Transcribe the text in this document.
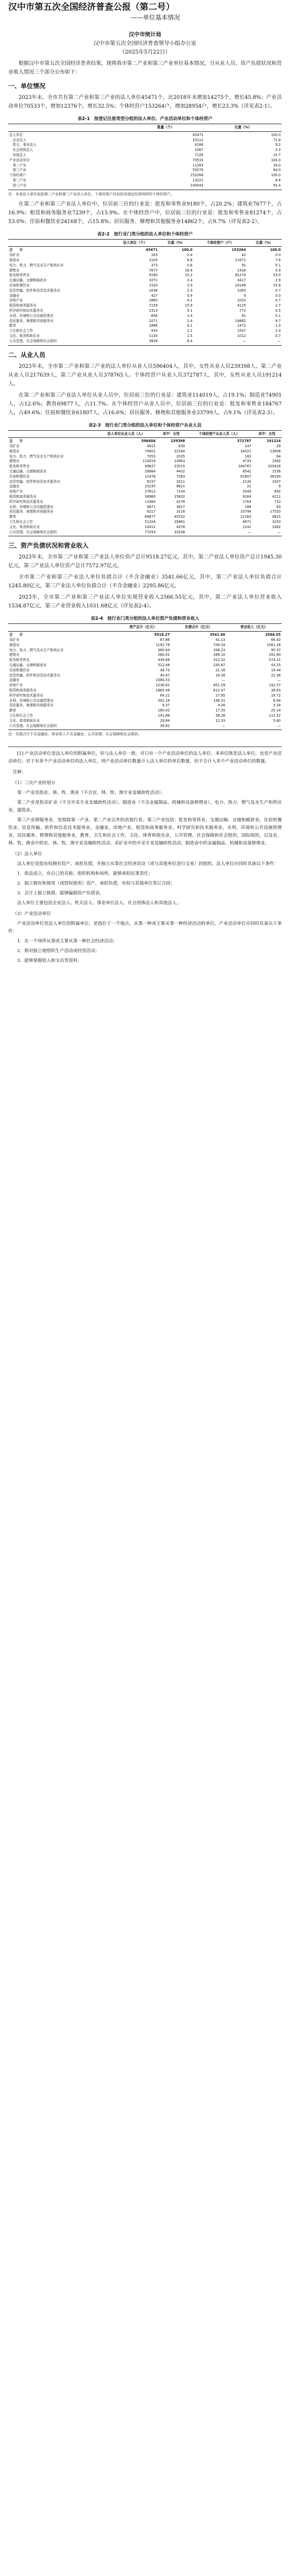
汉中市第五次全国经济普查公报（第二号）
——单位基本情况
汉中市统计局
汉中市第五次全国经济普查领导小组办公室
（2025年5月22日）

根据汉中市第五次全国经济普查结果，现将我市第二产业和第三产业单位基本情况，分从业人员、资产负债状况和营业收入情况三个部分公布如下：

一、单位情况

2023年末，全市共有第二产业和第三产业的法人单位45471个，比2018年末增加14275个，增长45.8%；产业活动单位70533个，增加12376个，增长32.5%；个体经营户153264户，增加28954户，增长23.3%（详见表2-1）。

表2-1　按登记注册类型分组的法人单位、产业活动单位和个体经营户
	数量（个）	比重（%）
法人单位	45471	100.0
　企业法人	33112	72.8
　机关、事业法人	4166	9.2
　社会团体法人	1067	2.3
　其他法人	7126	15.7
产业活动单位	70533	100.0
　第二产业	11263	16.0
　第三产业	59270	84.0
个体经营户	153264	100.0
　第二产业	13221	8.6
　第三产业	140043	91.4
注：本表法人单位包括第二产业和第三产业法人单位，个体经营户仅包括有固定经营场所的个体经营户。

在第二产业和第三产业法人单位中，位居前三位的行业是：批发和零售业9180个，占20.2%；建筑业7677个，占16.9%；租赁和商务服务业7239个，占15.9%。在个体经营户中，位居前三位的行业是：批发和零售业81274个，占53.0%；住宿和餐饮业24168个，占15.8%；居民服务、修理和其他服务业14862个，占9.7%（详见表2-2）。

表2-2　按行业门类分组的法人单位和个体经营户
	法人单位（个）	比重（%）	个体经营户（户）	比重（%）
合　　计	45471	100.0	153264	100.0
采矿业	163	0.4	42	0.0
制造业	3103	6.8	11672	7.6
电力、热力、燃气及水生产和供应业	373	0.8	91	0.1
建筑业	7677	16.9	1416	0.9
批发和零售业	9180	20.2	81274	53.0
交通运输、仓储和邮政业	1072	2.4	4417	2.9
住宿和餐饮业	1520	3.3	24168	15.8
信息传输、软件和信息技术服务业	1038	2.3	1083	0.7
金融业	427	0.9	9	0.0
房地产业	1860	4.1	1023	0.7
租赁和商务服务业	7239	15.9	4125	2.7
科学研究和技术服务业	2313	5.1	772	0.5
水利、环境和公共设施管理业	656	1.4	81	0.1
居民服务、修理和其他服务业	1071	2.4	14862	9.7
教育	1868	4.1	1472	1.0
卫生和社会工作	934	2.1	1547	1.0
文化、体育和娱乐业	1130	2.5	1012	0.7
公共管理、社会保障和社会组织	3828	8.4	—	—
二、从业人员

2023年末，全市第二产业和第三产业的法人单位从业人员596404人，其中，女性从业人员239398人。第二产业从业人员217639人，第三产业从业人员378765人。个体经营户从业人员372787人，其中，女性从业人员191214人。

在第二产业和第三产业法人单位从业人员中，位居前三位的行业是：建筑业114019人，占19.1%；制造业74901人，占12.6%；教育69877人，占11.7%。在个体经营户从业人员中，位居前三位的行业是：批发和零售业184767人，占49.6%；住宿和餐饮业61807人，占16.6%；居民服务、修理和其他服务业33799人，占9.1%（详见表2-3）。

表2-3　按行业门类分组的法人单位和个体经营户从业人员
	法人单位从业人员（人）	其中：女性	个体经营户从业人员（人）	其中：女性
合　　计	596404	239398	372787	191214
采矿业	4615	630	147	29
制造业	74901	22184	34521	12606
电力、热力、燃气及水生产和供应业	7053	2035	182	64
建筑业	114019	14963	4733	1092
批发和零售业	49627	23015	184767	103418
交通运输、仓储和邮政业	16884	4432	8541	1536
住宿和餐饮业	12478	7263	61807	36190
信息传输、软件和信息技术服务业	8157	3311	2130	1007
金融业	15235	8621	21	9
房地产业	17812	7104	2049	892
租赁和商务服务业	38960	15832	9164	4211
科学研究和技术服务业	11984	4278	1763	710
水利、环境和公共设施管理业	9671	3627	188	83
居民服务、修理和其他服务业	6217	3116	33799	17520
教育	69877	45532	22163	4615
卫生和社会工作	51204	35861	4671	3150
文化、体育和娱乐业	10412	4378	2141	1082
公共管理、社会保障和社会组织	77293	33208	—	—
三、资产负债状况和营业收入

2023年末，全市第二产业和第三产业法人单位资产总计9518.27亿元，其中，第二产业法人单位资产总计1945.30亿元，第三产业法人单位资产总计7572.97亿元。

全市第二产业和第三产业法人单位负债合计（不含金融业）3541.66亿元，其中，第二产业法人单位负债合计1245.80亿元，第三产业法人单位负债合计（不含金融业）2295.86亿元。

2023年，全市第二产业和第三产业法人单位实现营业收入2566.55亿元，其中，第二产业法人单位营业收入1534.87亿元，第三产业营业收入1031.68亿元（详见表2-4）。

表2-4　按行业门类分组的法人单位资产负债和营业收入
	资产总计（亿元）	负债合计（亿元）	营业收入（亿元）
合　　计	9518.27	3541.66	2566.55
采矿业	87.86	41.13	66.42
制造业	1191.79	709.34	1081.28
电力、热力、燃气及水生产和供应业	385.64	206.23	95.37
建筑业	280.01	289.10	291.80
批发和零售业	439.68	312.52	574.31
交通运输、仓储和邮政业	512.46	245.67	43.25
住宿和餐饮业	38.73	21.16	19.44
信息传输、软件和信息技术服务业	40.97	16.38	22.36
金融业	2384.53	—	—
房地产业	1236.61	851.29	142.57
租赁和商务服务业	1865.49	612.47	38.63
科学研究和技术服务业	64.21	27.85	19.72
水利、环境和公共设施管理业	592.18	146.31	6.94
居民服务、修理和其他服务业	9.37	4.26	5.18
教育	180.42	17.35	25.14
卫生和社会工作	141.86	38.26	111.52
文化、体育和娱乐业	29.84	12.33	5.60
公共管理、社会保障和社会组织	36.62	—	—
注：负债合计不含金融业。营业收入不含金融业、公共管理、社会保障和社会组织。

[1] 产业活动单位是法人单位的附属单位，但与法人单位一致。对只有一个产业活动单位的法人单位，本单位既是法人单位，也是产业活动单位；对于有多个产业活动单位的法人单位，则产业活动单位数量计入法人单位的单位数量，但不合计入多个产业活动单位的数量。

注释：

（1）三次产业的划分

第一产业是指农、林、牧、渔业（不含农、林、牧、渔专业及辅助性活动）。

第二产业是指采矿业（不含开采专业及辅助性活动），制造业（不含金属制品、机械和设备修理业），电力、热力、燃气及水生产和供应业，建筑业。

第三产业即服务业，是指除第一产业、第二产业以外的其他行业。第三产业包括：批发和零售业，交通运输、仓储和邮政业，住宿和餐饮业，信息传输、软件和信息技术服务业，金融业，房地产业，租赁和商务服务业，科学研究和技术服务业，水利、环境和公共设施管理业，居民服务、修理和其他服务业，教育，卫生和社会工作，文化、体育和娱乐业，公共管理、社会保障和社会组织，国际组织，以及农、林、牧、渔业中的农、林、牧、渔专业及辅助性活动，采矿业中的开采专业及辅助性活动，制造业中的金属制品、机械和设备修理业。

（2）法人单位

法人单位是指有权拥有资产、承担负债，并独立从事社会经济活动（或与其他单位进行交易）的组织。法人单位应同时具备以下条件：

1．依法成立，有自己的名称、组织机构和场所，能够承担民事责任；

2．独立拥有和使用（或授权使用）资产，承担负债，有权与其他单位签订合同；

3．会计上独立核算，能够编制资产负债表。

法人单位主要包括企业法人、机关法人、事业单位法人、社会团体法人和其他法人。

（3）产业活动单位

产业活动单位是法人单位的附属单位，是指位于一个地点，从事一种或主要从事一种经济活动的单位。产业活动单位应同时具备以下条件：

1．在一个场所从事或主要从事一种社会经济活动；

2．相对独立地组织生产活动或经营活动；

3．能够掌握收入和支出等资料。
